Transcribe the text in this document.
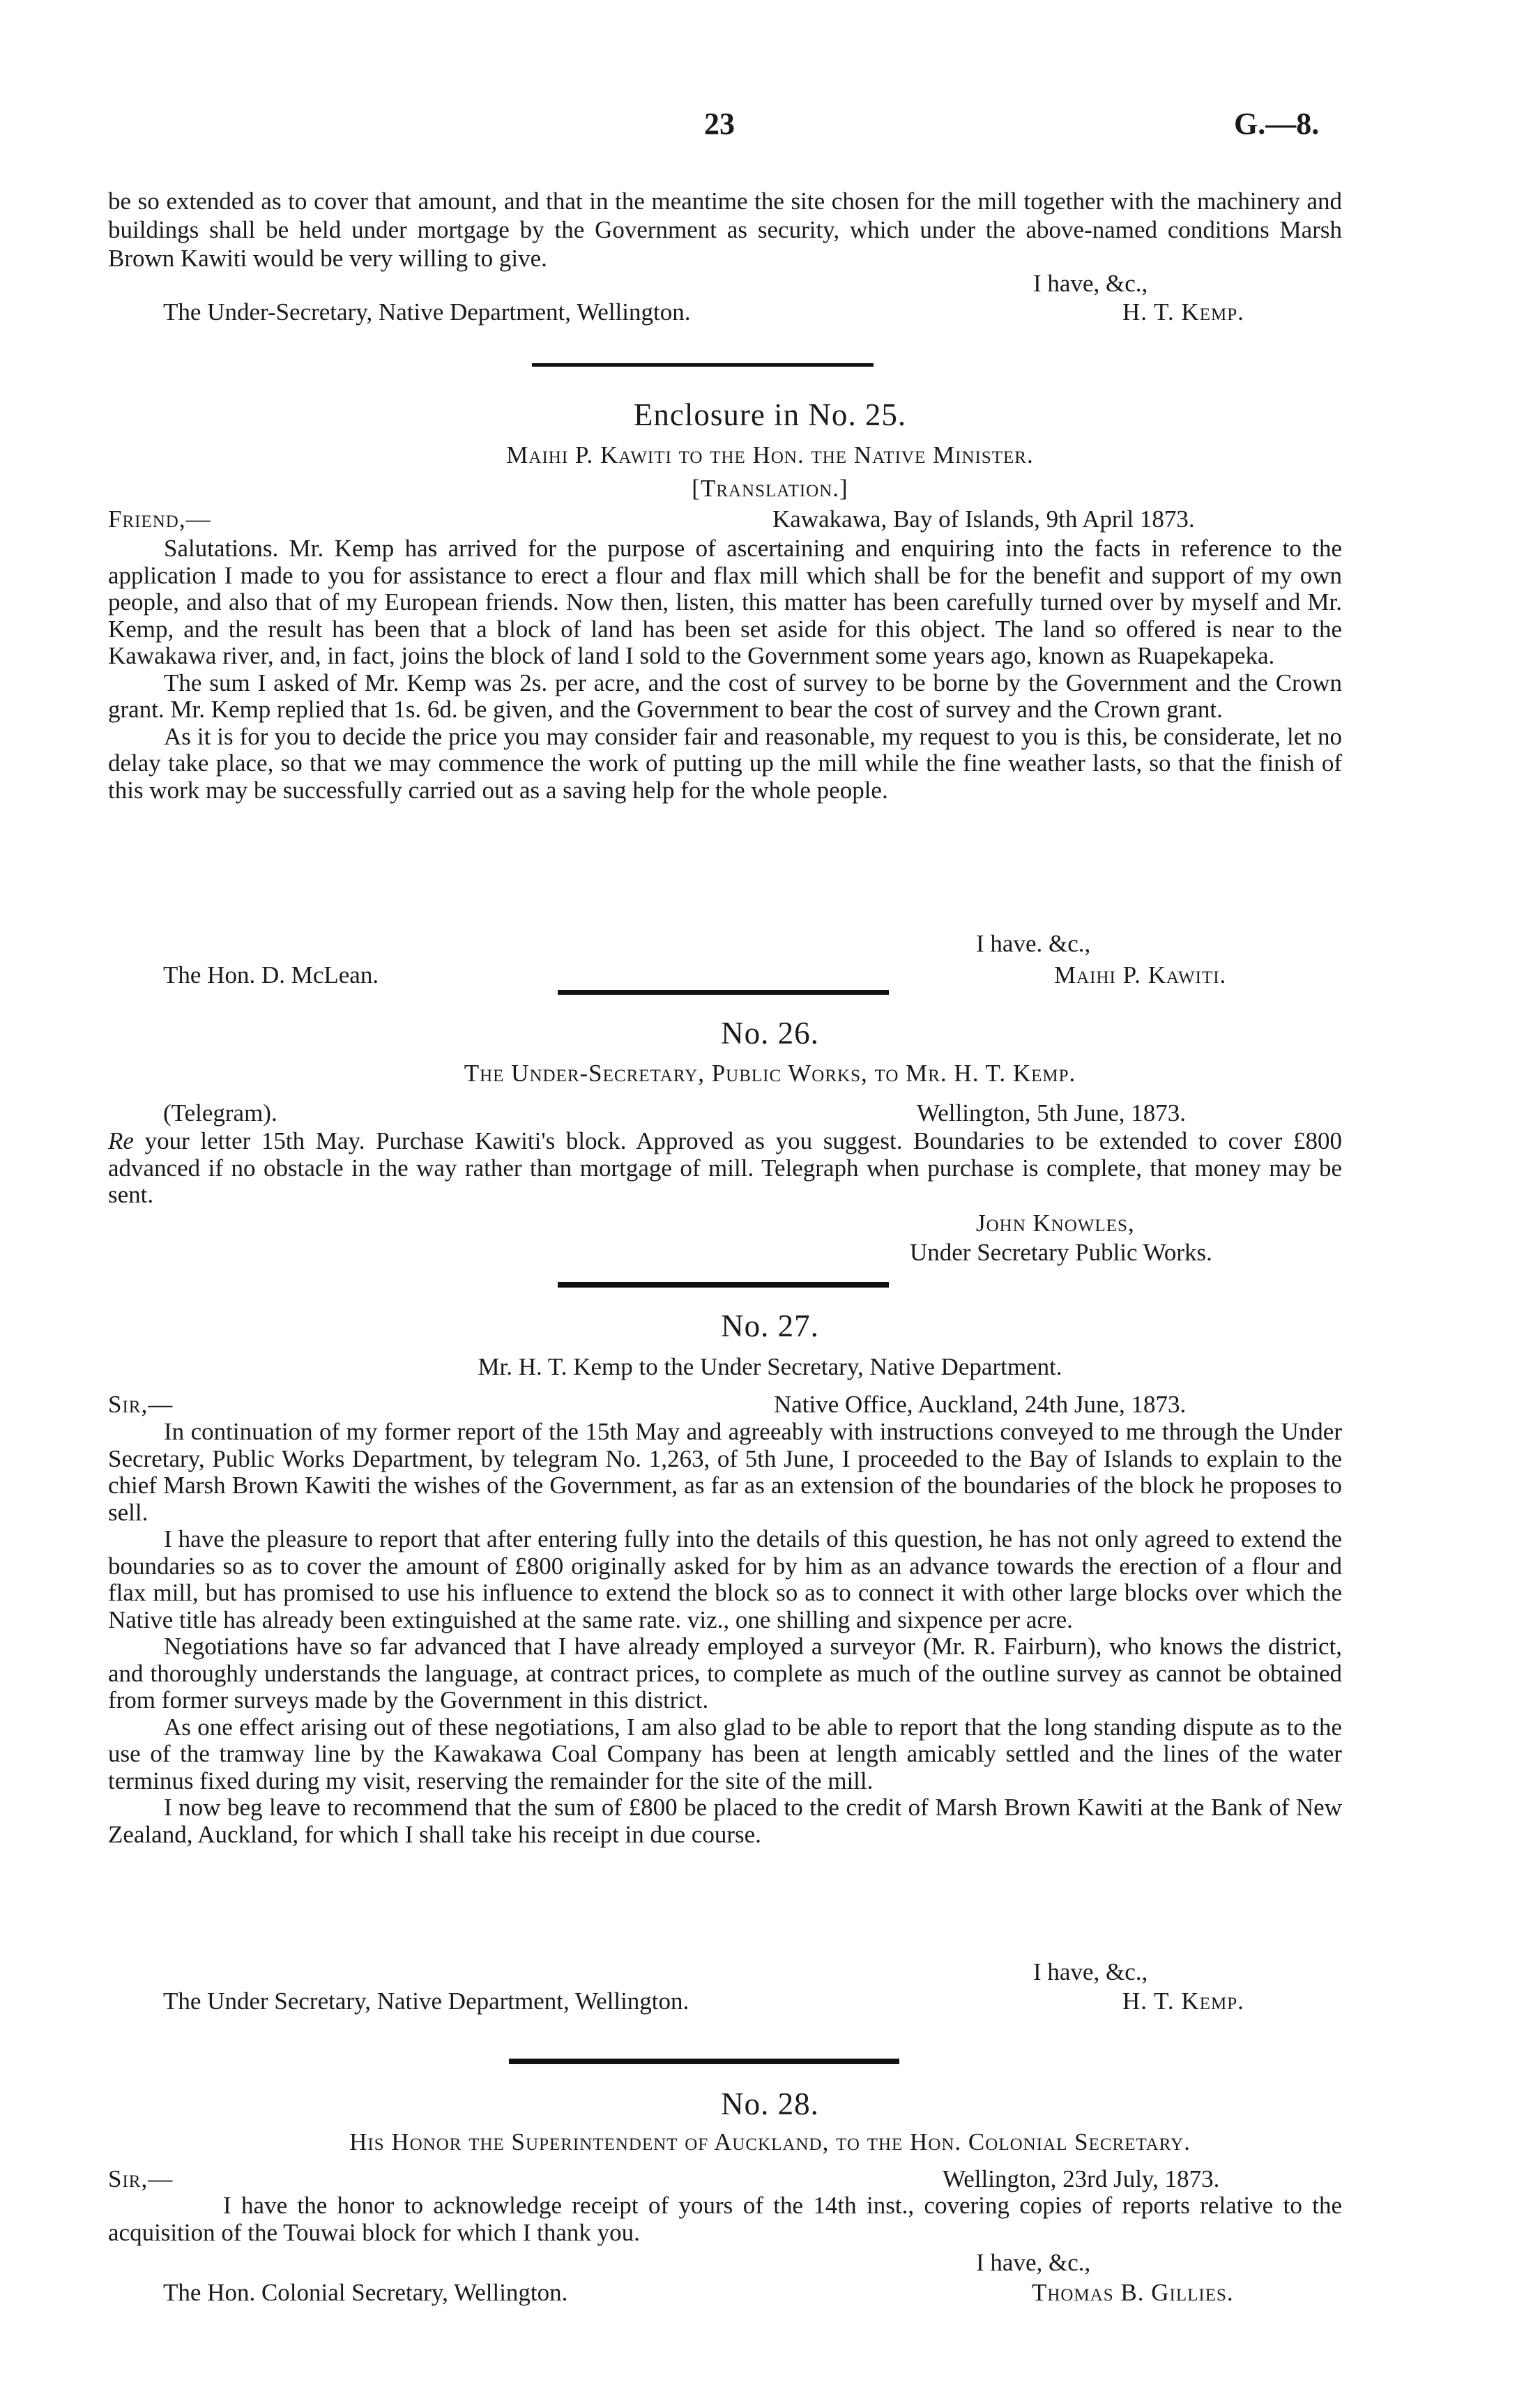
23	G.—8.

be so extended as to cover that amount, and that in the meantime the site chosen for the mill together with the machinery and buildings shall be held under mortgage by the Government as security, which under the above-named conditions Marsh Brown Kawiti would be very willing to give.

I have, &c.,
The Under-Secretary, Native Department, Wellington.	H. T. Kemp.
Enclosure in No. 25.
Maihi P. Kawiti to the Hon. the Native Minister.
[Translation.]
Friend,—	Kawakawa, Bay of Islands, 9th April 1873.

Salutations. Mr. Kemp has arrived for the purpose of ascertaining and enquiring into the facts in reference to the application I made to you for assistance to erect a flour and flax mill which shall be for the benefit and support of my own people, and also that of my European friends. Now then, listen, this matter has been carefully turned over by myself and Mr. Kemp, and the result has been that a block of land has been set aside for this object. The land so offered is near to the Kawakawa river, and, in fact, joins the block of land I sold to the Government some years ago, known as Ruapekapeka.

The sum I asked of Mr. Kemp was 2s. per acre, and the cost of survey to be borne by the Government and the Crown grant. Mr. Kemp replied that 1s. 6d. be given, and the Government to bear the cost of survey and the Crown grant.

As it is for you to decide the price you may consider fair and reasonable, my request to you is this, be considerate, let no delay take place, so that we may commence the work of putting up the mill while the fine weather lasts, so that the finish of this work may be successfully carried out as a saving help for the whole people.

I have. &c.,
The Hon. D. McLean.	Maihi P. Kawiti.
No. 26.
The Under-Secretary, Public Works, to Mr. H. T. Kemp.
(Telegram).	Wellington, 5th June, 1873.

Re your letter 15th May. Purchase Kawiti's block. Approved as you suggest. Boundaries to be extended to cover £800 advanced if no obstacle in the way rather than mortgage of mill. Telegraph when purchase is complete, that money may be sent.

John Knowles,
Under Secretary Public Works.
No. 27.
Mr. H. T. Kemp to the Under Secretary, Native Department.
Sir,—	Native Office, Auckland, 24th June, 1873.

In continuation of my former report of the 15th May and agreeably with instructions conveyed to me through the Under Secretary, Public Works Department, by telegram No. 1,263, of 5th June, I proceeded to the Bay of Islands to explain to the chief Marsh Brown Kawiti the wishes of the Government, as far as an extension of the boundaries of the block he proposes to sell.

I have the pleasure to report that after entering fully into the details of this question, he has not only agreed to extend the boundaries so as to cover the amount of £800 originally asked for by him as an advance towards the erection of a flour and flax mill, but has promised to use his influence to extend the block so as to connect it with other large blocks over which the Native title has already been extinguished at the same rate. viz., one shilling and sixpence per acre.

Negotiations have so far advanced that I have already employed a surveyor (Mr. R. Fairburn), who knows the district, and thoroughly understands the language, at contract prices, to complete as much of the outline survey as cannot be obtained from former surveys made by the Government in this district.

As one effect arising out of these negotiations, I am also glad to be able to report that the long standing dispute as to the use of the tramway line by the Kawakawa Coal Company has been at length amicably settled and the lines of the water terminus fixed during my visit, reserving the remainder for the site of the mill.

I now beg leave to recommend that the sum of £800 be placed to the credit of Marsh Brown Kawiti at the Bank of New Zealand, Auckland, for which I shall take his receipt in due course.

I have, &c.,
The Under Secretary, Native Department, Wellington.	H. T. Kemp.
No. 28.
His Honor the Superintendent of Auckland, to the Hon. Colonial Secretary.
Sir,—	Wellington, 23rd July, 1873.

I have the honor to acknowledge receipt of yours of the 14th inst., covering copies of reports relative to the acquisition of the Touwai block for which I thank you.

I have, &c.,
The Hon. Colonial Secretary, Wellington.	Thomas B. Gillies.
